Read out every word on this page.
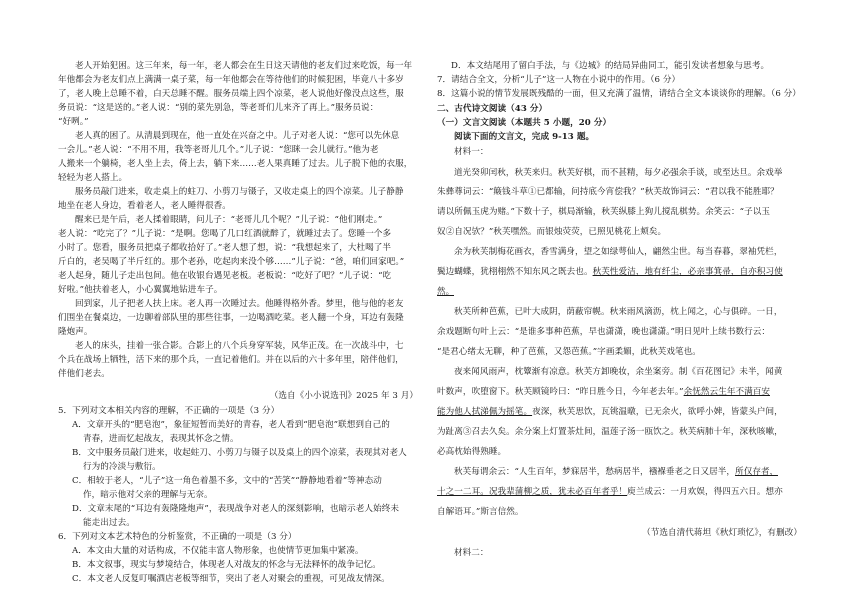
老人开始犯困。这三年来，每一年，老人都会在生日这天请他的老友们过来吃饭，每一年
年他都会为老友们点上满满一桌子菜，每一年他都会在等待他们的时候犯困，毕竟八十多岁
了，老人晚上总睡不着，白天总睡不醒。服务员端上四个凉菜，老人说他好像没点这些，服
务员说：“这是送的。”老人说：“别的菜先别急，等老哥们儿来齐了再上。”服务员说：
“好咧。”
老人真的困了。从清晨到现在，他一直处在兴奋之中。儿子对老人说：“您可以先休息
一会儿。”老人说：“不用不用，我等老哥儿几个。”儿子说：“您眯一会儿就行。”他为老
人搬来一个躺椅，老人坐上去，倚上去，躺下来……老人果真睡了过去。儿子脱下他的衣服，
轻轻为老人搭上。
服务员敲门进来，收走桌上的蛀刀、小剪刀与镊子，又收走桌上的四个凉菜。儿子静静
地坐在老人身边，看着老人，老人睡得很香。
醒来已是午后，老人揉着眼睛，问儿子：“老哥儿几个呢？”儿子说：“他们刚走。”
老人说：“吃完了？”儿子说：“是啊。您喝了几口红酒就醉了，就睡过去了。您睡一个多
小时了。您看，服务员把桌子都收拾好了。”老人想了想，说：“我想起来了，大杜喝了半
斤白的，老吴喝了半斤红的。那个老孙，吃起肉来没个够……”儿子说：“爸，咱们回家吧。”
老人起身，随儿子走出包间。他在收银台遇见老板。老板说：“吃好了吧？”儿子说：“吃
好啦。”他扶着老人，小心翼翼地钻进车子。
回到家，儿子把老人扶上床。老人再一次睡过去。他睡得格外香。梦里，他与他的老友
们围坐在餐桌边，一边聊着部队里的那些往事，一边喝酒吃菜。老人翻一个身，耳边有轰隆
隆炮声。
老人的床头，挂着一张合影。合影上的八个兵身穿军装，风华正茂。在一次战斗中，七
个兵在战场上牺牲，活下来的那个兵，一直记着他们。并在以后的六十多年里，陪伴他们，
伴他们老去。
（选自《小小说选刊》2025 年 3 月）
5．下列对文本相关内容的理解，不正确的一项是（3 分）
A．文章开头的“肥皂泡”，象征短暂而美好的青春，老人看到“肥皂泡”联想到自己的
青春，进而忆起战友，表现其怀念之情。
B．文中服务员敲门进来，收起蛀刀、小剪刀与镊子以及桌上的四个凉菜，表现其对老人
行为的冷淡与敷衍。
C．相较于老人，“儿子”这一角色着墨不多，文中的“苦笑”“静静地看着”等神态动
作，暗示他对父亲的理解与无奈。
D．文章末尾的“耳边有轰隆隆炮声”，表现战争对老人的深刻影响，也暗示老人始终未
能走出过去。
6．下列对文本艺术特色的分析鉴赏，不正确的一项是（3 分）
A．本文由大量的对话构成，不仅能丰富人物形象，也使情节更加集中紧凑。
B．本文叙事，现实与梦境结合，体现老人对战友的怀念与无法释怀的战争记忆。
C．本文老人反复叮嘱酒店老板等细节，突出了老人对聚会的重视，可见战友情深。
D．本文结尾用了留白手法，与《边城》的结局异曲同工，能引发读者想象与思考。
7．请结合全文，分析“儿子”这一人物在小说中的作用。（6 分）
8．这篇小说的情节发展既残酷的一面，但又充满了温情，请结合全文本谈谈你的理解。（6 分）
二、古代诗文阅读（43 分）
（一）文言文阅读（本题共 5 小题，20 分）
阅读下面的文言文，完成 9-13 题。
材料一：
道光癸卯闰秋，秋芙来归。秋芙好棋，而不甚精，每夕必强余手谈，或至达旦。余戏举
朱彝尊词云：“簸钱斗草①已都输，问持底今宵偿我？”秋芙故饰词云：“君以我不能胜耶？
请以所佩玉虎为赌。”下数十子，棋局渐输，秋芙纵膝上狗儿搅乱棋势。余笑云：“子以玉
奴②自况欤？”秋芙嘿然。而银烛荧荧，已照见桃花上颊矣。
余为秋芙制梅花画衣，香雪满身，望之如绿萼仙人，翩然尘世。每当春暮，翠袖凭栏，
鬓边蝴蝶，犹栩栩然不知东风之既去也。秋芙性爱洁，地有纤尘，必亲事箕帚，自亦积习使
然。
秋芙所种芭蕉，已叶大成阴，荫蔽帘幌。秋来雨风滴沥，枕上闻之，心与俱碎。一日，
余戏题断句叶上云：“是谁多事种芭蕉，早也潇潇，晚也潇潇。”明日见叶上续书数行云：
“是君心绪太无聊，种了芭蕉，又怨芭蕉。”字画柔媚，此秋芙戏笔也。
夜来闻风雨声，枕簟渐有凉意。秋芙方卸晚妆，余坐案旁。制《百花图记》未半，闻黄
叶数声，吹堕窗下。秋芙顾镜吟曰：“昨日胜今日，今年老去年。”余怃然云生年不满百安
能为他人拭涕佩为摇笔。夜深，秋芙思饮，瓦铫温暾，已无余火，欲呼小婢，皆蒙头户间，
为趾离③召去久矣。余分案上灯置茶灶间，温莲子汤一瓯饮之。秋芙病肺十年，深秋咳嗽，
必高枕始得熟睡。
秋芙每谓余云：“人生百年，梦寐居半，愁病居半，襁褓垂老之日又居半，所仅存者，
十之一二耳。况我辈蒲柳之质，犹未必百年者乎！庾兰成云：一月欢娱，得四五六日。想亦
自解语耳。”斯言信然。
（节选自清代蒋坦《秋灯琐忆》，有删改）
材料二：
